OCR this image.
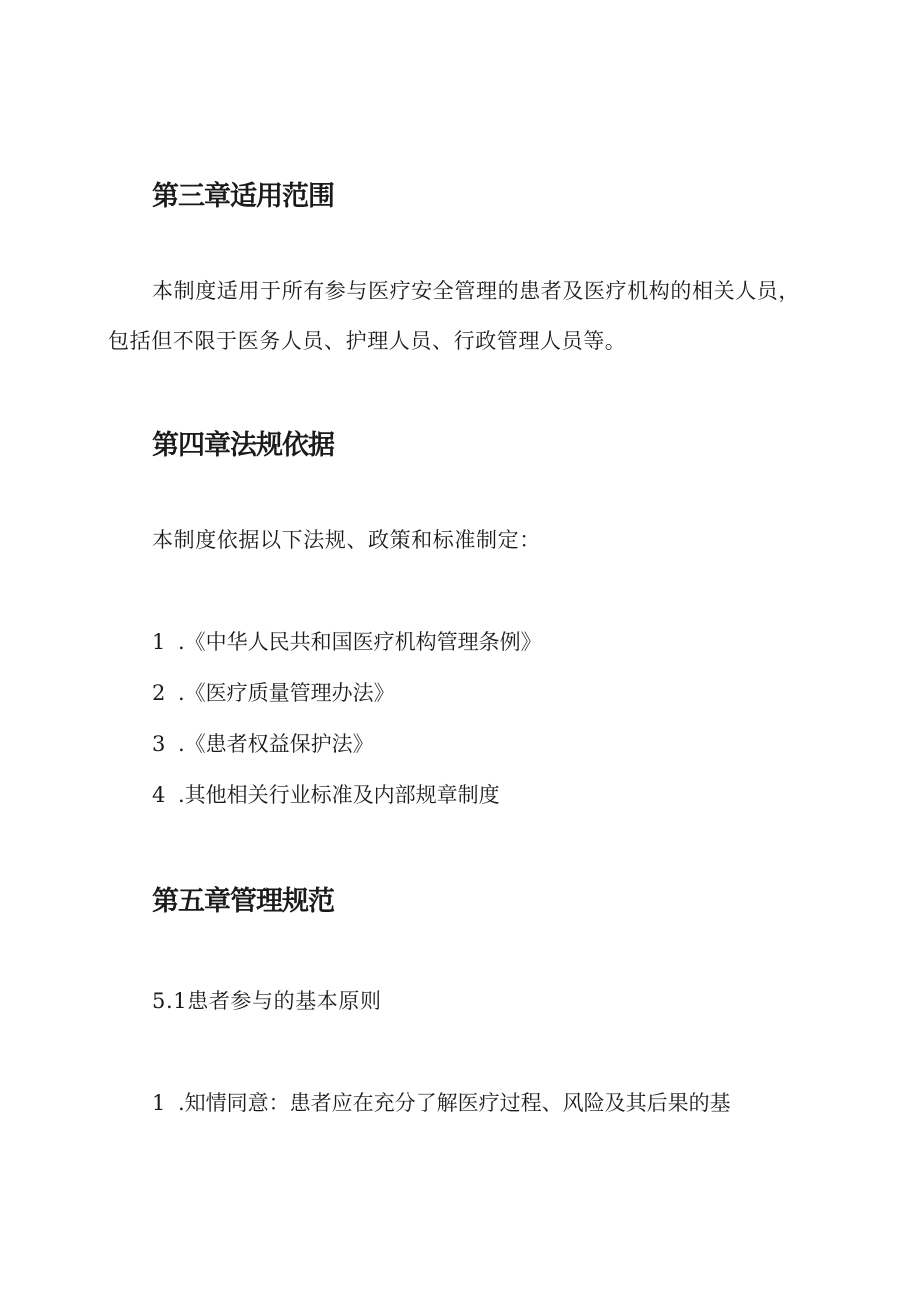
第三章适用范围
本制度适用于所有参与医疗安全管理的患者及医疗机构的相关人员，
包括但不限于医务人员、护理人员、行政管理人员等。
第四章法规依据
本制度依据以下法规、政策和标准制定：
1 .《中华人民共和国医疗机构管理条例》
2 .《医疗质量管理办法》
3 .《患者权益保护法》
4 .其他相关行业标准及内部规章制度
第五章管理规范
5.1患者参与的基本原则
1 .知情同意：患者应在充分了解医疗过程、风险及其后果的基
